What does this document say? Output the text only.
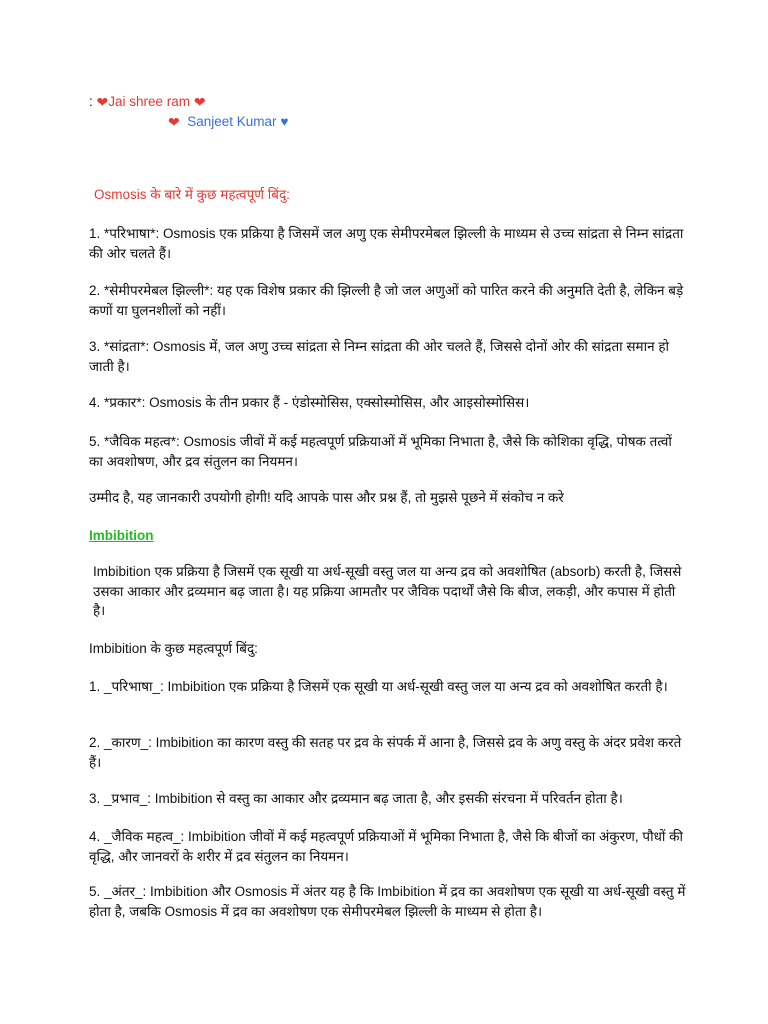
: ❤Jai shree ram ❤
❤ Sanjeet Kumar ♥
Osmosis के बारे में कुछ महत्वपूर्ण बिंदु:
1. *परिभाषा*: Osmosis एक प्रक्रिया है जिसमें जल अणु एक सेमीपरमेबल झिल्ली के माध्यम से उच्च सांद्रता से निम्न सांद्रता की ओर चलते हैं।
2. *सेमीपरमेबल झिल्ली*: यह एक विशेष प्रकार की झिल्ली है जो जल अणुओं को पारित करने की अनुमति देती है, लेकिन बड़े कणों या घुलनशीलों को नहीं।
3. *सांद्रता*: Osmosis में, जल अणु उच्च सांद्रता से निम्न सांद्रता की ओर चलते हैं, जिससे दोनों ओर की सांद्रता समान हो जाती है।
4. *प्रकार*: Osmosis के तीन प्रकार हैं - एंडोस्मोसिस, एक्सोस्मोसिस, और आइसोस्मोसिस।
5. *जैविक महत्व*: Osmosis जीवों में कई महत्वपूर्ण प्रक्रियाओं में भूमिका निभाता है, जैसे कि कोशिका वृद्धि, पोषक तत्वों का अवशोषण, और द्रव संतुलन का नियमन।
उम्मीद है, यह जानकारी उपयोगी होगी! यदि आपके पास और प्रश्न हैं, तो मुझसे पूछने में संकोच न करे
Imbibition
Imbibition एक प्रक्रिया है जिसमें एक सूखी या अर्ध-सूखी वस्तु जल या अन्य द्रव को अवशोषित (absorb) करती है, जिससे उसका आकार और द्रव्यमान बढ़ जाता है। यह प्रक्रिया आमतौर पर जैविक पदार्थों जैसे कि बीज, लकड़ी, और कपास में होती है।
Imbibition के कुछ महत्वपूर्ण बिंदु:
1. _परिभाषा_: Imbibition एक प्रक्रिया है जिसमें एक सूखी या अर्ध-सूखी वस्तु जल या अन्य द्रव को अवशोषित करती है।
2. _कारण_: Imbibition का कारण वस्तु की सतह पर द्रव के संपर्क में आना है, जिससे द्रव के अणु वस्तु के अंदर प्रवेश करते हैं।
3. _प्रभाव_: Imbibition से वस्तु का आकार और द्रव्यमान बढ़ जाता है, और इसकी संरचना में परिवर्तन होता है।
4. _जैविक महत्व_: Imbibition जीवों में कई महत्वपूर्ण प्रक्रियाओं में भूमिका निभाता है, जैसे कि बीजों का अंकुरण, पौधों की वृद्धि, और जानवरों के शरीर में द्रव संतुलन का नियमन।
5. _अंतर_: Imbibition और Osmosis में अंतर यह है कि Imbibition में द्रव का अवशोषण एक सूखी या अर्ध-सूखी वस्तु में होता है, जबकि Osmosis में द्रव का अवशोषण एक सेमीपरमेबल झिल्ली के माध्यम से होता है।
